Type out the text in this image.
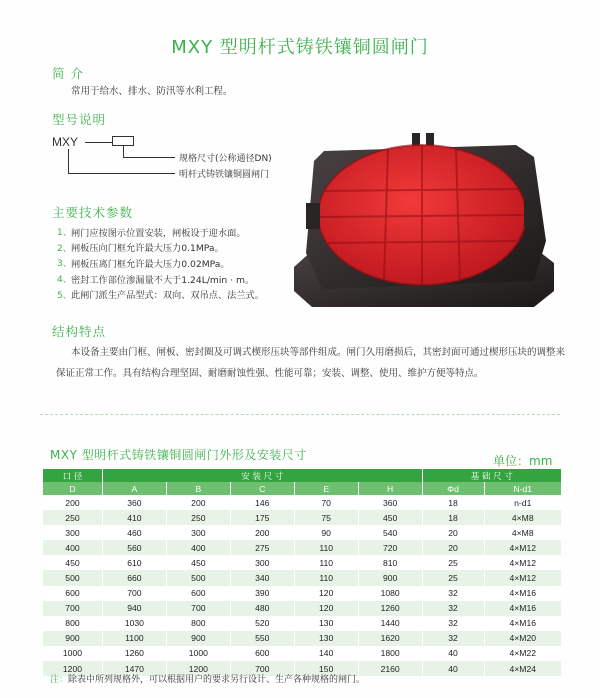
MXY 型明杆式铸铁镶铜圆闸门
简 介
常用于给水、排水、防汛等水利工程。
型号说明
MXY
规格尺寸(公称通径DN)
明杆式铸铁镶铜圆闸门
主要技术参数
1、 闸门应按图示位置安装，闸板设于迎水面。
2、 闸板压向门框允许最大压力0.1MPa。
3、 闸板压离门框允许最大压力0.02MPa。
4、 密封工作部位渗漏量不大于1.24L/min · m。
5、 此闸门派生产品型式：双向、双吊点、法兰式。
结构特点
本设备主要由门框、闸板、密封圈及可调式楔形压块等部件组成。闸门久用磨损后，其密封面可通过楔形压块的调整来
保证正常工作。具有结构合理坚固、耐磨耐蚀性强、性能可靠；安装、调整、使用、维护方便等特点。
MXY 型明杆式铸铁镶铜圆闸门外形及安装尺寸	单位：mm
口 径	安 装 尺 寸					基 础 尺 寸	
D	A	B	C	E	H	Φd	N-d1
200	360	200	146	70	360	18	n-d1
250	410	250	175	75	450	18	4×M8
300	460	300	200	90	540	20	4×M8
400	560	400	275	110	720	20	4×M12
450	610	450	300	110	810	25	4×M12
500	660	500	340	110	900	25	4×M12
600	700	600	390	120	1080	32	4×M16
700	940	700	480	120	1260	32	4×M16
800	1030	800	520	130	1440	32	4×M16
900	1100	900	550	130	1620	32	4×M20
1000	1260	1000	600	140	1800	40	4×M22
1200	1470	1200	700	150	2160	40	4×M24
注：除表中所列规格外，可以根据用户的要求另行设计、生产各种规格的闸门。
